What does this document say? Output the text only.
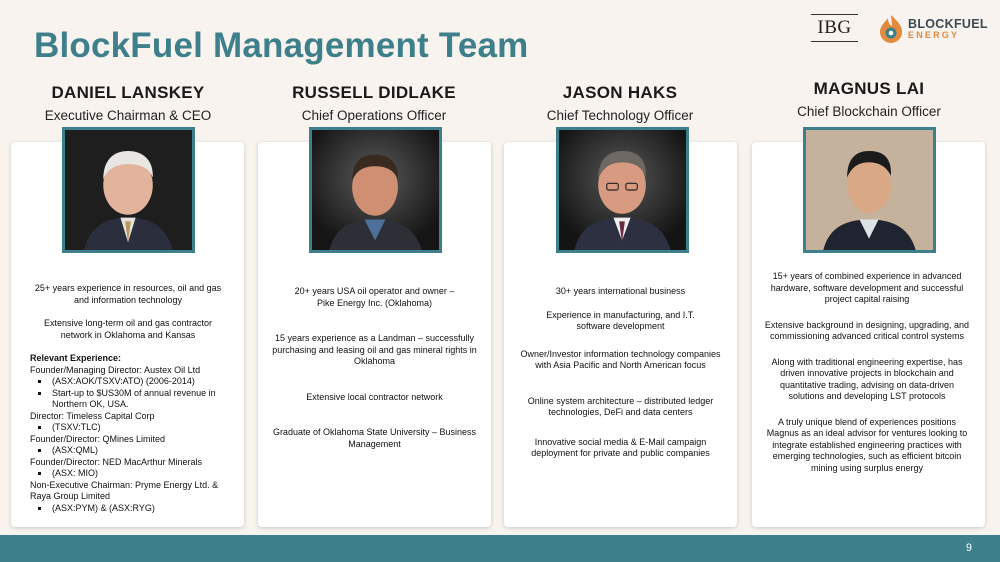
BlockFuel Management Team	IBG	BLOCKFUEL
ENERGY
DANIEL LANSKEY
Executive Chairman & CEO
RUSSELL DIDLAKE
Chief Operations Officer
JASON HAKS
Chief Technology Officer
MAGNUS LAI
Chief Blockchain Officer
25+ years experience in resources, oil and gas and information technology
Extensive long-term oil and gas contractor network in Oklahoma and Kansas
Relevant Experience:
Founder/Managing Director: Austex Oil Ltd
(ASX:AOK/TSXV:ATO) (2006-2014)
Start-up to $US30M of annual revenue in Northern OK, USA.
Director: Timeless Capital Corp
(TSXV:TLC)
Founder/Director: QMines Limited
(ASX:QML)
Founder/Director: NED MacArthur Minerals
(ASX: MIO)
Non-Executive Chairman: Pryme Energy Ltd. & Raya Group Limited
(ASX:PYM) & (ASX:RYG)
20+ years USA oil operator and owner – Pike Energy Inc. (Oklahoma)
15 years experience as a Landman – successfully purchasing and leasing oil and gas mineral rights in Oklahoma
Extensive local contractor network
Graduate of Oklahoma State University – Business Management
30+ years international business
Experience in manufacturing, and I.T. software development
Owner/Investor information technology companies with Asia Pacific and North American focus
Online system architecture – distributed ledger technologies, DeFi and data centers
Innovative social media & E-Mail campaign deployment for private and public companies
15+ years of combined experience in advanced hardware, software development and successful project capital raising
Extensive background in designing, upgrading, and commissioning advanced critical control systems
Along with traditional engineering expertise, has driven innovative projects in blockchain and quantitative trading, advising on data-driven solutions and developing LST protocols
A truly unique blend of experiences positions Magnus as an ideal advisor for ventures looking to integrate established engineering practices with emerging technologies, such as efficient bitcoin mining using surplus energy
9
